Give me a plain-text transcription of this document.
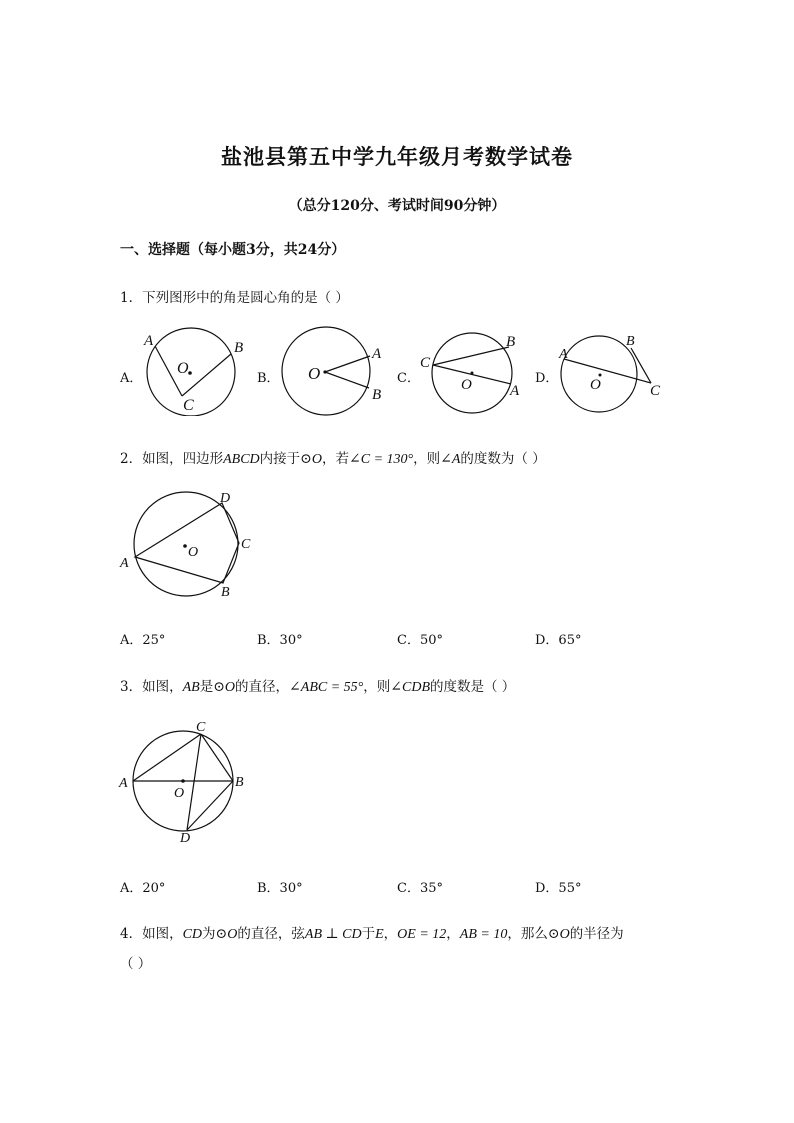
盐池县第五中学九年级月考数学试卷
（总分120分、考试时间90分钟）
一、选择题（每小题3分，共24分）
1．下列图形中的角是圆心角的是（ ）
A．
A
O
B
C
B． O
A
B
C．
C
B
O	A
D．
A
B
O	C
2．如图，四边形ABCD内接于⊙O，若∠C = 130°，则∠A的度数为（ ）
D
C
A
B
O
A．25°	B．30°	C．50°	D．65°
3．如图，AB是⊙O的直径，∠ABC = 55°，则∠CDB的度数是（ ）
C
A	B
O
D
A．20°	B．30°	C．35°	D．55°
4．如图，CD为⊙O的直径，弦AB ⊥ CD于E，OE = 12，AB = 10，那么⊙O的半径为
（ ）
